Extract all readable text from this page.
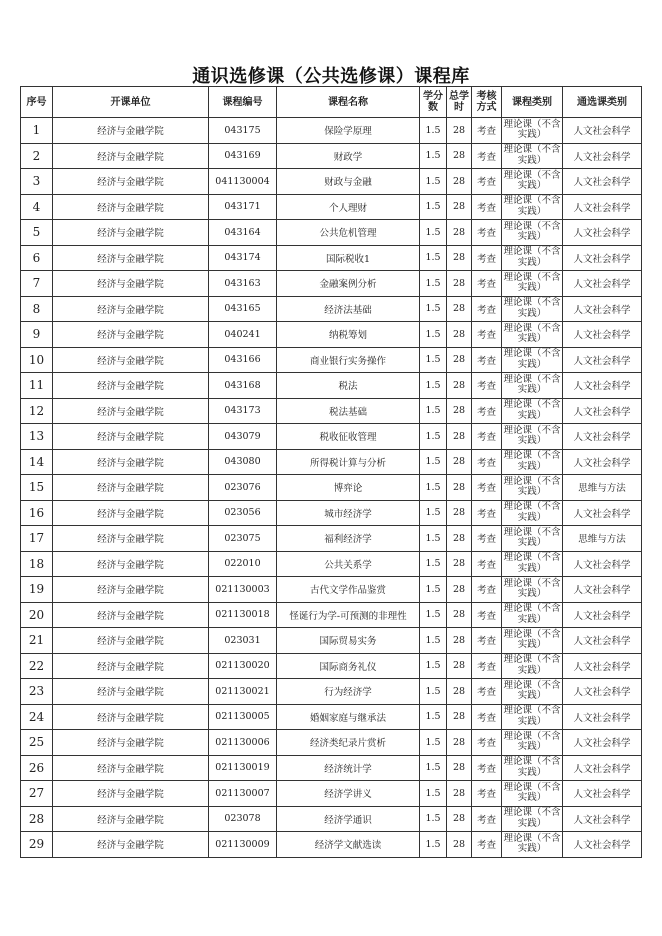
通识选修课（公共选修课）课程库
序号	开课单位	课程编号	课程名称	学分数	总学时	考核方式	课程类别	通选课类别
1	经济与金融学院	043175	保险学原理	1.5	28	考查	理论课（不含实践）	人文社会科学
2	经济与金融学院	043169	财政学	1.5	28	考查	理论课（不含实践）	人文社会科学
3	经济与金融学院	041130004	财政与金融	1.5	28	考查	理论课（不含实践）	人文社会科学
4	经济与金融学院	043171	个人理财	1.5	28	考查	理论课（不含实践）	人文社会科学
5	经济与金融学院	043164	公共危机管理	1.5	28	考查	理论课（不含实践）	人文社会科学
6	经济与金融学院	043174	国际税收1	1.5	28	考查	理论课（不含实践）	人文社会科学
7	经济与金融学院	043163	金融案例分析	1.5	28	考查	理论课（不含实践）	人文社会科学
8	经济与金融学院	043165	经济法基础	1.5	28	考查	理论课（不含实践）	人文社会科学
9	经济与金融学院	040241	纳税筹划	1.5	28	考查	理论课（不含实践）	人文社会科学
10	经济与金融学院	043166	商业银行实务操作	1.5	28	考查	理论课（不含实践）	人文社会科学
11	经济与金融学院	043168	税法	1.5	28	考查	理论课（不含实践）	人文社会科学
12	经济与金融学院	043173	税法基础	1.5	28	考查	理论课（不含实践）	人文社会科学
13	经济与金融学院	043079	税收征收管理	1.5	28	考查	理论课（不含实践）	人文社会科学
14	经济与金融学院	043080	所得税计算与分析	1.5	28	考查	理论课（不含实践）	人文社会科学
15	经济与金融学院	023076	博弈论	1.5	28	考查	理论课（不含实践）	思维与方法
16	经济与金融学院	023056	城市经济学	1.5	28	考查	理论课（不含实践）	人文社会科学
17	经济与金融学院	023075	福利经济学	1.5	28	考查	理论课（不含实践）	思维与方法
18	经济与金融学院	022010	公共关系学	1.5	28	考查	理论课（不含实践）	人文社会科学
19	经济与金融学院	021130003	古代文学作品鉴赏	1.5	28	考查	理论课（不含实践）	人文社会科学
20	经济与金融学院	021130018	怪诞行为学-可预测的非理性	1.5	28	考查	理论课（不含实践）	人文社会科学
21	经济与金融学院	023031	国际贸易实务	1.5	28	考查	理论课（不含实践）	人文社会科学
22	经济与金融学院	021130020	国际商务礼仪	1.5	28	考查	理论课（不含实践）	人文社会科学
23	经济与金融学院	021130021	行为经济学	1.5	28	考查	理论课（不含实践）	人文社会科学
24	经济与金融学院	021130005	婚姻家庭与继承法	1.5	28	考查	理论课（不含实践）	人文社会科学
25	经济与金融学院	021130006	经济类纪录片赏析	1.5	28	考查	理论课（不含实践）	人文社会科学
26	经济与金融学院	021130019	经济统计学	1.5	28	考查	理论课（不含实践）	人文社会科学
27	经济与金融学院	021130007	经济学讲义	1.5	28	考查	理论课（不含实践）	人文社会科学
28	经济与金融学院	023078	经济学通识	1.5	28	考查	理论课（不含实践）	人文社会科学
29	经济与金融学院	021130009	经济学文献选读	1.5	28	考查	理论课（不含实践）	人文社会科学
